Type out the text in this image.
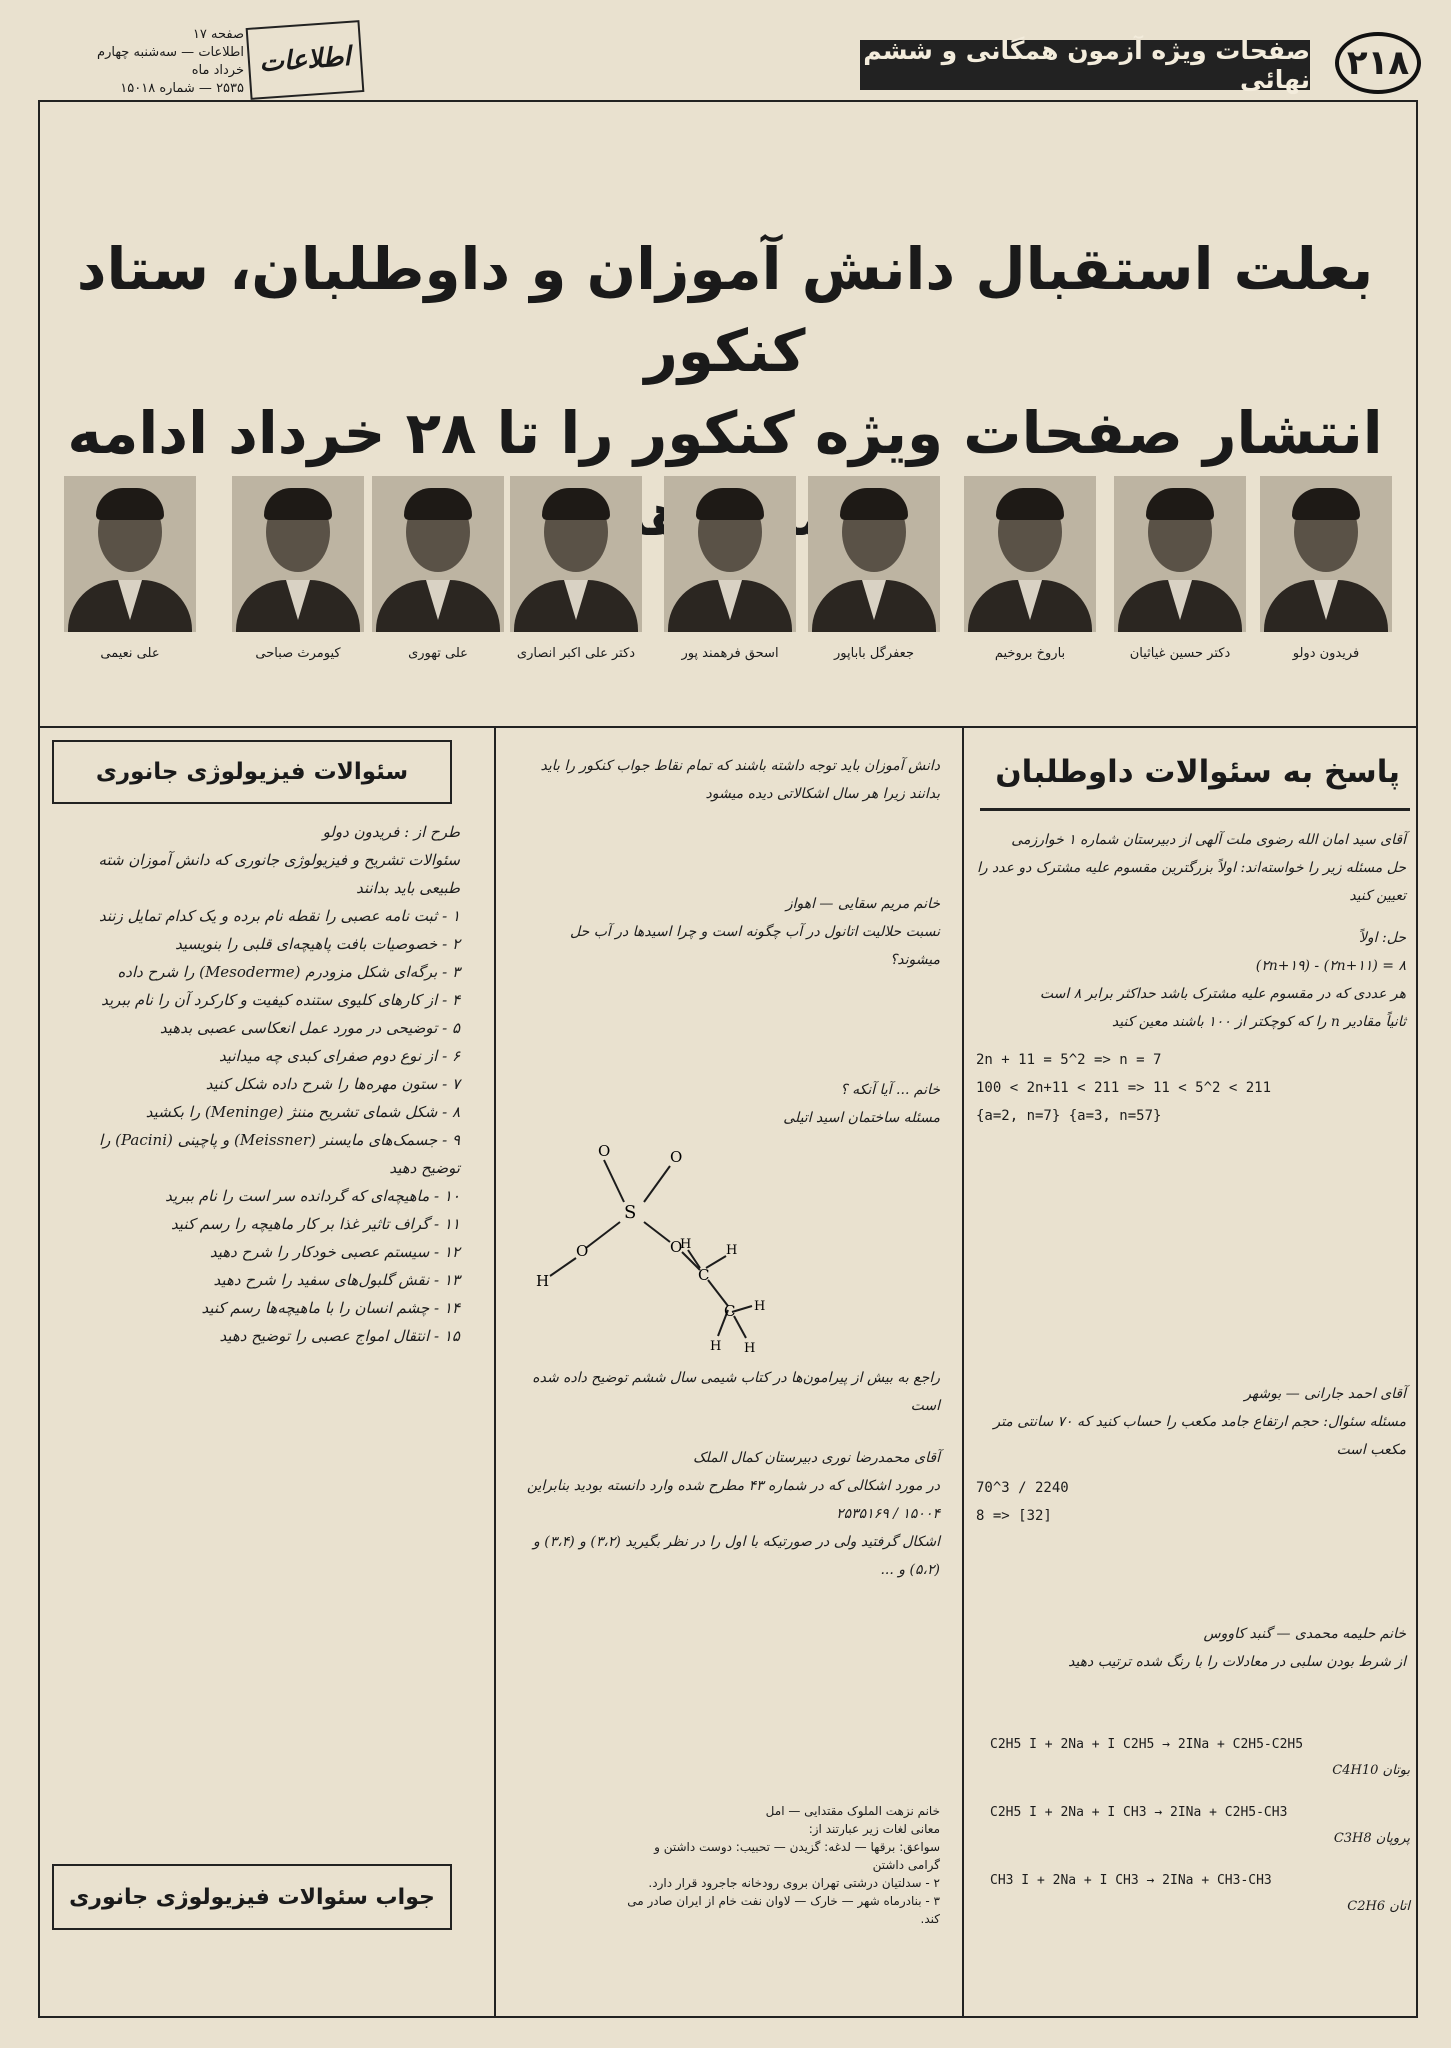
۲۱۸
صفحات ویژه آزمون همگانی و ششم نهائی
اطلاعات
صفحه ۱۷
اطلاعات — سه‌شنبه چهارم خرداد ماه
۲۵۳۵ — شماره ۱۵۰۱۸
بعلت استقبال دانش آموزان و داوطلبان، ستاد کنکور
انتشار صفحات ویژه کنکور را تا ۲۸ خرداد ادامه
فریدون دولو
دکتر حسین غیاثیان
باروخ بروخیم
جعفرگل باباپور
اسحق فرهمند پور
دکتر علی اکبر انصاری
علی تهوری
کیومرث صباحی
علی نعیمی
سئوالات فیزیولوژی جانوری

طرح از : فریدون دولو

سئوالات تشریح و فیزیولوژی جانوری که دانش آموزان شته طبیعی باید بدانند

۱ - ثبت نامه عصبی را نقطه نام برده و یک کدام تمایل زنند

۲ - خصوصیات بافت پاهیچه‌ای قلبی را بنویسید

۳ - برگه‌ای شکل مزودرم (Mesoderme) را شرح داده

۴ - از کارهای کلیوی ستنده کیفیت و کارکرد آن را نام ببرید

۵ - توضیحی در مورد عمل انعکاسی عصبی بدهید

۶ - از نوع دوم صفرای کبدی چه میدانید

۷ - ستون مهره‌ها را شرح داده شکل کنید

۸ - شکل شمای تشریح مننژ (Meninge) را بکشید

۹ - جسمک‌های مایسنر (Meissner) و پاچینی (Pacini) را توضیح دهید

۱۰ - ماهیچه‌ای که گردانده سر است را نام ببرید

۱۱ - گراف تاثیر غذا بر کار ماهیچه را رسم کنید

۱۲ - سیستم عصبی خودکار را شرح دهید

۱۳ - نقش گلبول‌های سفید را شرح دهید

۱۴ - چشم انسان را با ماهیچه‌ها رسم کنید

۱۵ - انتقال امواج عصبی را توضیح دهید

جواب سئوالات فیزیولوژی جانوری
دانش آموزان باید توجه داشته باشند که تمام نقاط جواب کنکور را باید بدانند زیرا هر سال اشکالاتی دیده میشود

خانم مریم سقایی — اهواز

نسبت حلالیت اتانول در آب چگونه است و چرا اسیدها در آب حل میشوند؟

خانم ... آیا آنکه ؟

مسئله ساختمان اسید اتیلی

S
O	O
O
H
O
C
C
H	H
H
H
H
راجع به بیش از پیرامون‌ها در کتاب شیمی سال ششم توضیح داده شده است

آقای محمدرضا نوری دبیرستان کمال الملک

در مورد اشکالی که در شماره ۴۳ مطرح شده وارد دانسته بودید بنابراین ۱۵۰۰۴ / ۲۵۳۵۱۶۹

اشکال گرفتید ولی در صورتیکه با اول را در نظر بگیرید (۳،۲) و (۳،۴) و (۵،۲) و ...

خانم نزهت الملوک مقتدایی — امل
معانی لغات زیر عبارتند از:
سواعق: برقها — لدغه: گزیدن — تحبیب: دوست داشتن و
گرامی داشتن
۲ - سدلتیان درشتی تهران بروی رودخانه جاجرود قرار دارد.
۳ - بنادرماه شهر — خارک — لاوان نفت خام از ایران صادر می‌
کند.
پاسخ به سئوالات داوطلبان

آقای سید امان الله رضوی ملت آلهی از دبیرستان شماره ۱ خوارزمی

حل مسئله زیر را خواسته‌اند: اولاً بزرگترین مقسوم علیه مشترک دو عدد را تعیین کنید

حل: اولاً

۸ = (۲n+۱۱) - (۲n+۱۹)

هر عددی که در مقسوم علیه مشترک باشد حداکثر برابر ۸ است

ثانیاً مقادیر n را که کوچکتر از ۱۰۰ باشند معین کنید

2n + 11 = 5^2 => n = 7

100 < 2n+11 < 211 => 11 < 5^2 < 211

{a=2, n=7} {a=3, n=57}

آقای احمد جارانی — بوشهر

مسئله سئوال: حجم ارتفاع جامد مکعب را حساب کنید که ۷۰ سانتی متر مکعب است

70^3 / 2240

8 => [32]

خانم حلیمه محمدی — گنبد کاووس

از شرط بودن سلبی در معادلات را با رنگ شده ترتیب دهید

C2H5 I + 2Na + I C2H5 → 2INa + C2H5-C2H5

بوتان C4H10

C2H5 I + 2Na + I CH3 → 2INa + C2H5-CH3

پروپان C3H8

CH3 I + 2Na + I CH3 → 2INa + CH3-CH3

اتان C2H6
